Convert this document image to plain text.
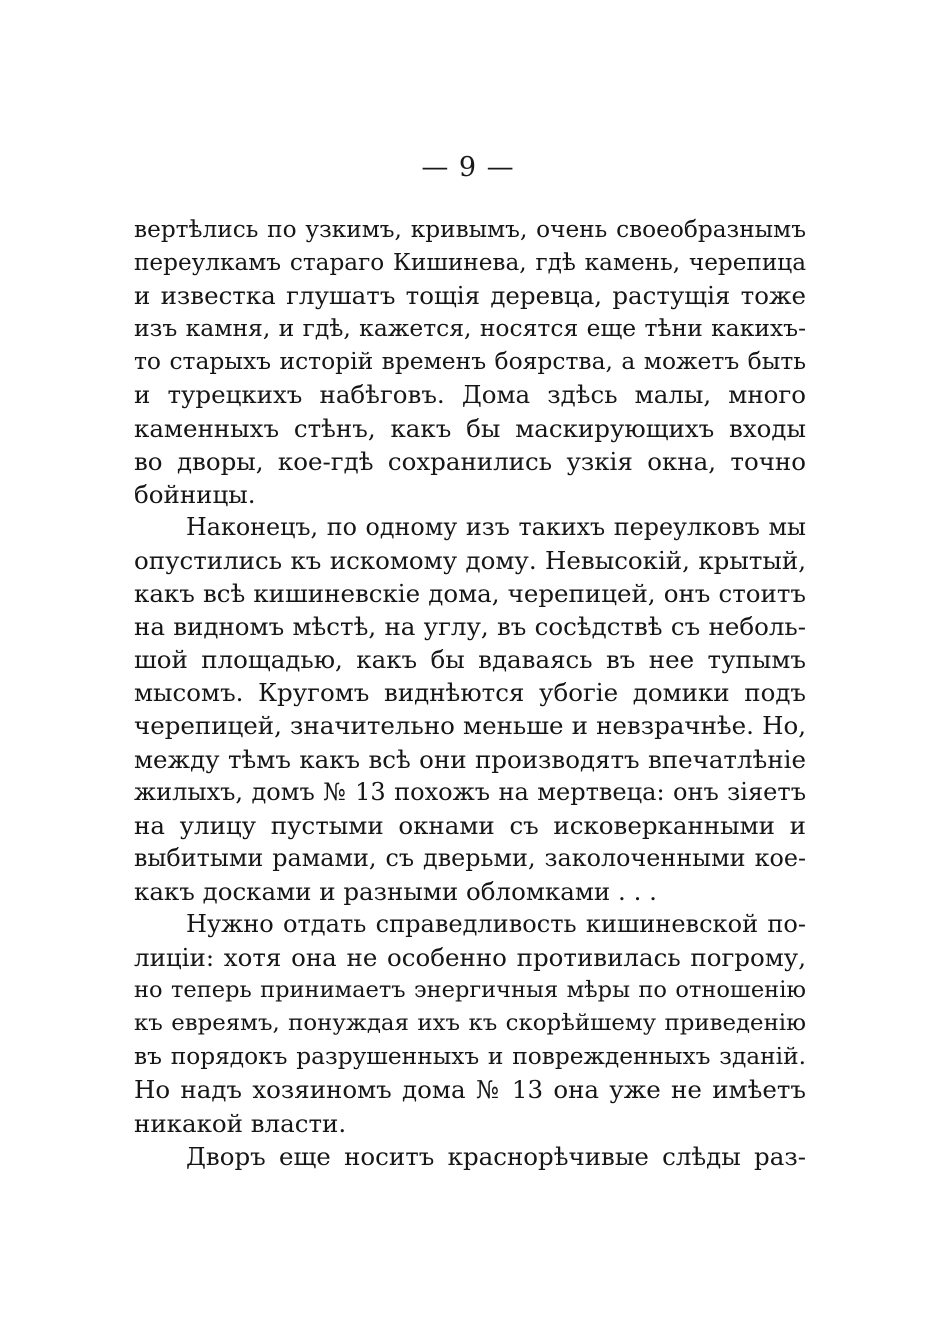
— 9 —
вертѣлись по узкимъ, кривымъ, очень своеобразнымъ
переулкамъ стараго Кишинева, гдѣ камень, черепица
и известка глушатъ тощія деревца, растущія тоже
изъ камня, и гдѣ, кажется, носятся еще тѣни какихъ-
то старыхъ исторій временъ боярства, а можетъ быть
и турецкихъ набѣговъ. Дома здѣсь малы, много
каменныхъ стѣнъ, какъ бы маскирующихъ входы
во дворы, кое-гдѣ сохранились узкія окна, точно
бойницы.
Наконецъ, по одному изъ такихъ переулковъ мы
опустились къ искомому дому. Невысокій, крытый,
какъ всѣ кишиневскіе дома, черепицей, онъ стоитъ
на видномъ мѣстѣ, на углу, въ сосѣдствѣ съ неболь-
шой площадью, какъ бы вдаваясь въ нее тупымъ
мысомъ. Кругомъ виднѣются убогіе домики подъ
черепицей, значительно меньше и невзрачнѣе. Но,
между тѣмъ какъ всѣ они производятъ впечатлѣніе
жилыхъ, домъ № 13 похожъ на мертвеца: онъ зіяетъ
на улицу пустыми окнами съ исковерканными и
выбитыми рамами, съ дверьми, заколоченными кое-
какъ досками и разными обломками . . .
Нужно отдать справедливость кишиневской по-
лиціи: хотя она не особенно противилась погрому,
но теперь принимаетъ энергичныя мѣры по отношенію
къ евреямъ, понуждая ихъ къ скорѣйшему приведенію
въ порядокъ разрушенныхъ и поврежденныхъ зданій.
Но надъ хозяиномъ дома № 13 она уже не имѣетъ
никакой власти.
Дворъ еще носитъ краснорѣчивые слѣды раз-
